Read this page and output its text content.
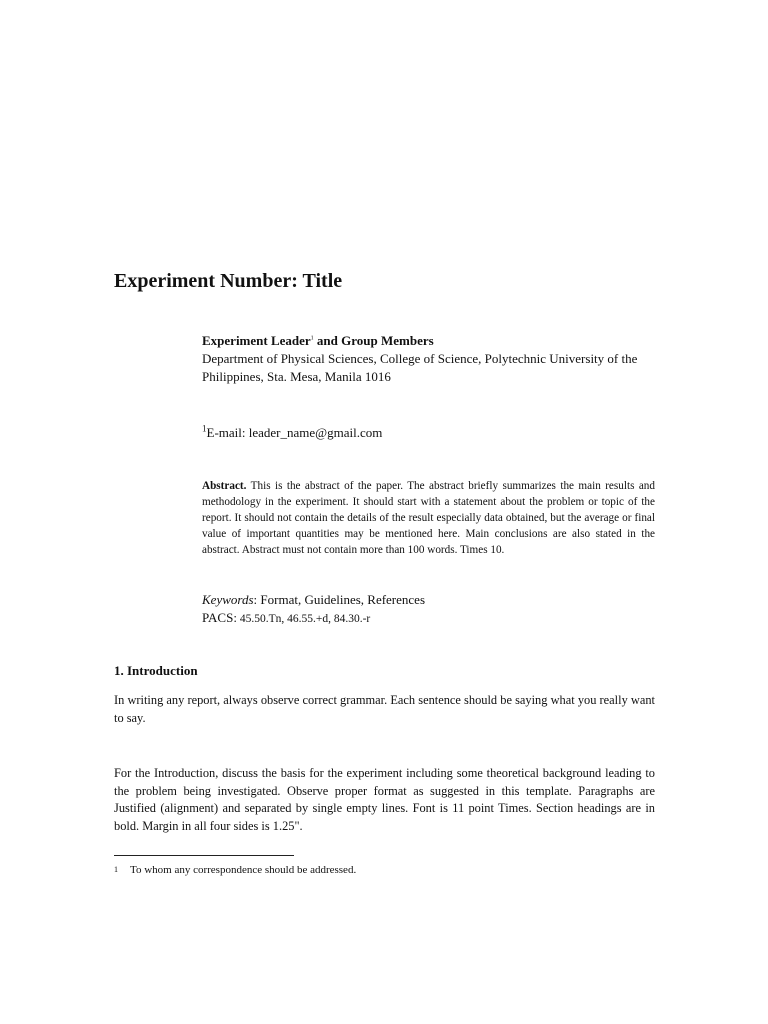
Experiment Number: Title
Experiment Leader$^1$ and Group Members

Department of Physical Sciences, College of Science, Polytechnic University of the Philippines, Sta. Mesa, Manila 1016

$^1$E-mail: leader_name@gmail.com

Abstract. This is the abstract of the paper. The abstract briefly summarizes the main results and methodology in the experiment. It should start with a statement about the problem or topic of the report. It should not contain the details of the result especially data obtained, but the average or final value of important quantities may be mentioned here. Main conclusions are also stated in the abstract. Abstract must not contain more than 100 words. Times 10.

Keywords: Format, Guidelines, References
PACS: 45.50.Tn, 46.55.+d, 84.30.-r
1. Introduction

In writing any report, always observe correct grammar. Each sentence should be saying what you really want to say.

For the Introduction, discuss the basis for the experiment including some theoretical background leading to the problem being investigated. Observe proper format as suggested in this template. Paragraphs are Justified (alignment) and separated by single empty lines. Font is 11 point Times. Section headings are in bold. Margin in all four sides is 1.25".

1 To whom any correspondence should be addressed.
